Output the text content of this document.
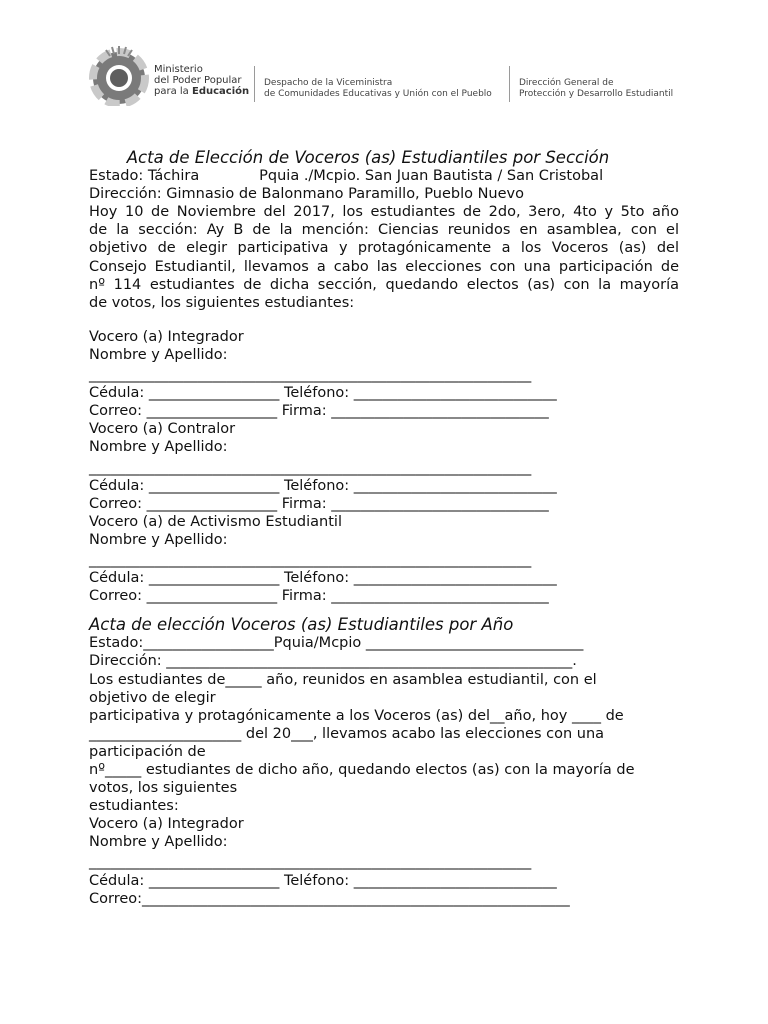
Ministerio
del Poder Popular
para la Educación
Despacho de la Viceministra
de Comunidades Educativas y Unión con el Pueblo
Dirección General de
Protección y Desarrollo Estudiantil
Acta de Elección de Voceros (as) Estudiantiles por Sección
Estado: Táchira             Pquia ./Mcpio. San Juan Bautista / San Cristobal
Dirección: Gimnasio de Balonmano Paramillo, Pueblo Nuevo
Hoy 10 de Noviembre del 2017, los estudiantes de 2do, 3ero, 4to y 5to año
de la sección: Ay B de la mención: Ciencias reunidos en asamblea, con el
objetivo de elegir participativa y protagónicamente a los Voceros (as) del
Consejo Estudiantil, llevamos a cabo las elecciones con una participación de
nº 114 estudiantes de dicha sección, quedando electos (as) con la mayoría
de votos, los siguientes estudiantes:
Vocero (a) Integrador
Nombre y Apellido:
_____________________________________________________________
Cédula: __________________ Teléfono: ____________________________
Correo: __________________ Firma: ______________________________
Vocero (a) Contralor
Nombre y Apellido:
_____________________________________________________________
Cédula: __________________ Teléfono: ____________________________
Correo: __________________ Firma: ______________________________
Vocero (a) de Activismo Estudiantil
Nombre y Apellido:
_____________________________________________________________
Cédula: __________________ Teléfono: ____________________________
Correo: __________________ Firma: ______________________________
Acta de elección Voceros (as) Estudiantiles por Año
Estado:__________________Pquia/Mcpio ______________________________
Dirección: ________________________________________________________.
Los estudiantes de_____ año, reunidos en asamblea estudiantil, con el
objetivo de elegir
participativa y protagónicamente a los Voceros (as) del__año, hoy ____ de
_____________________ del 20___, llevamos acabo las elecciones con una
participación de
nº_____ estudiantes de dicho año, quedando electos (as) con la mayoría de
votos, los siguientes
estudiantes:
Vocero (a) Integrador
Nombre y Apellido:
_____________________________________________________________
Cédula: __________________ Teléfono: ____________________________
Correo:___________________________________________________________
